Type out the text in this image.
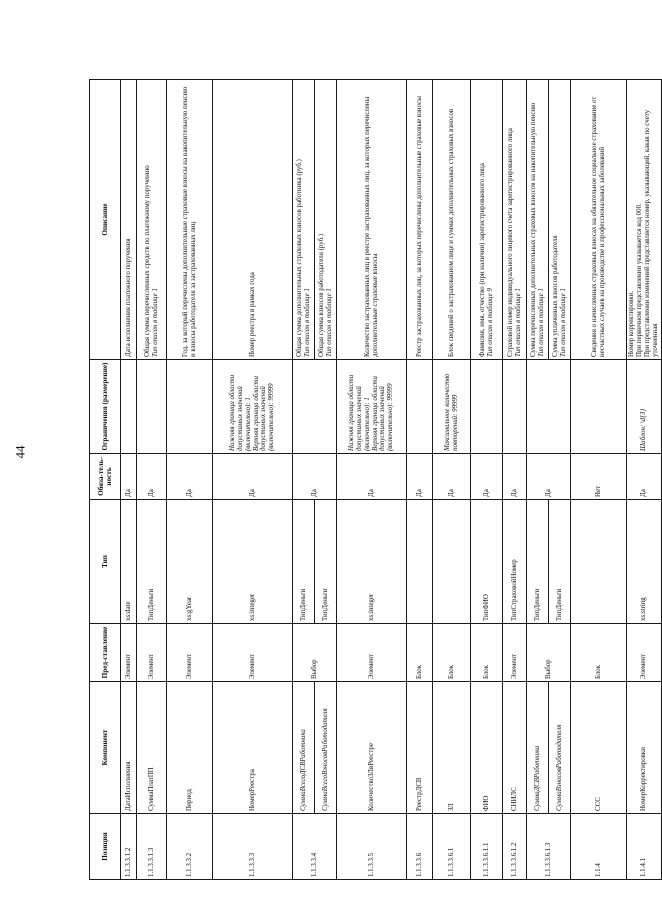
44
Позиция	Компонент	Пред-ставление	Тип	Обяза-тель-ность	Ограничения (размерение)	Описание
1.1.3.3.1.2	ДатаИсполнения	Элемент	xs:date	Да		Дата исполнения платежного поручения

1.1.3.3.1.3	СуммаПлатПП	Элемент	ТипДеньги	Да		Общая сумма перечисленных средств по платежному поручению Тип описан в таблице 1

1.1.3.3.2	Период	Элемент	xs:gYear	Да		Год, за который перечислены дополнительные страховые взносы на накопительную пенсию и взносы работодателя за застрахованных лиц

1.1.3.3.3	НомерРеестра	Элемент	xs:integer	Да	Нижняя граница области допустимых значений (включительно): 1 Верхняя граница области допустимых значений (включительно): 99999	Номер реестра в рамках года

1.1.3.3.4	СуммаВсегоДСВРаботника	Выбор	ТипДеньги	Да		Общая сумма дополнительных страховых взносов работника (руб.) Тип описан в таблице 1

	СуммаВсегоВзносовРаботодателя		ТипДеньги			Общая сумма взносов работодателя (руб.) Тип описан в таблице 1

1.1.3.3.5	КоличествоЗЛвРеестре	Элемент	xs:integer	Да	Нижняя граница области допустимых значений (включительно): 1 Верхняя граница области допустимых значений (включительно): 99999	Количество застрахованных лиц в реестре застрахованных лиц, за которых перечислены дополнительные страховые взносы

1.1.3.3.6	РеестрДСВ	Блок		Да		Реестр застрахованных лиц, за которых перечислены дополнительные страховые взносы

1.1.3.3.6.1	ЗЛ	Блок		Да	Максимальное количество повторений: 99999	Блок сведений о застрахованном лице и суммах дополнительных страховых взносов

1.1.3.3.6.1.1	ФИО	Блок	ТипФИО	Да		Фамилия, имя, отчество (при наличии) зарегистрированного лица Тип описан в таблице 9

1.1.3.3.6.1.2	СНИЛС	Элемент	ТипСтраховойНомер	Да		Страховой номер индивидуального лицевого счета зарегистрированного лица Тип описан в таблице 1

1.1.3.3.6.1.3	СуммаДСВРаботника	Выбор	ТипДеньги	Да		Сумма перечисленных дополнительных страховых взносов на накопительную пенсию Тип описан в таблице 1

	СуммаВзносовРаботодателя		ТипДеньги			Сумма уплаченных взносов работодателя Тип описан в таблице 1

1.1.4	ССС	Блок		Нет		Сведения о начисленных страховых взносах на обязательное социальное страхование от несчастных случаев на производстве и профессиональных заболеваний

1.1.4.1	НомерКорректировки	Элемент	xs:string	Да	Шаблон: \d{3}	Номер корректировки. При первичном представлении указывается код 000. При представлении изменений представляется номер, указывающий, какая по счету уточненная
